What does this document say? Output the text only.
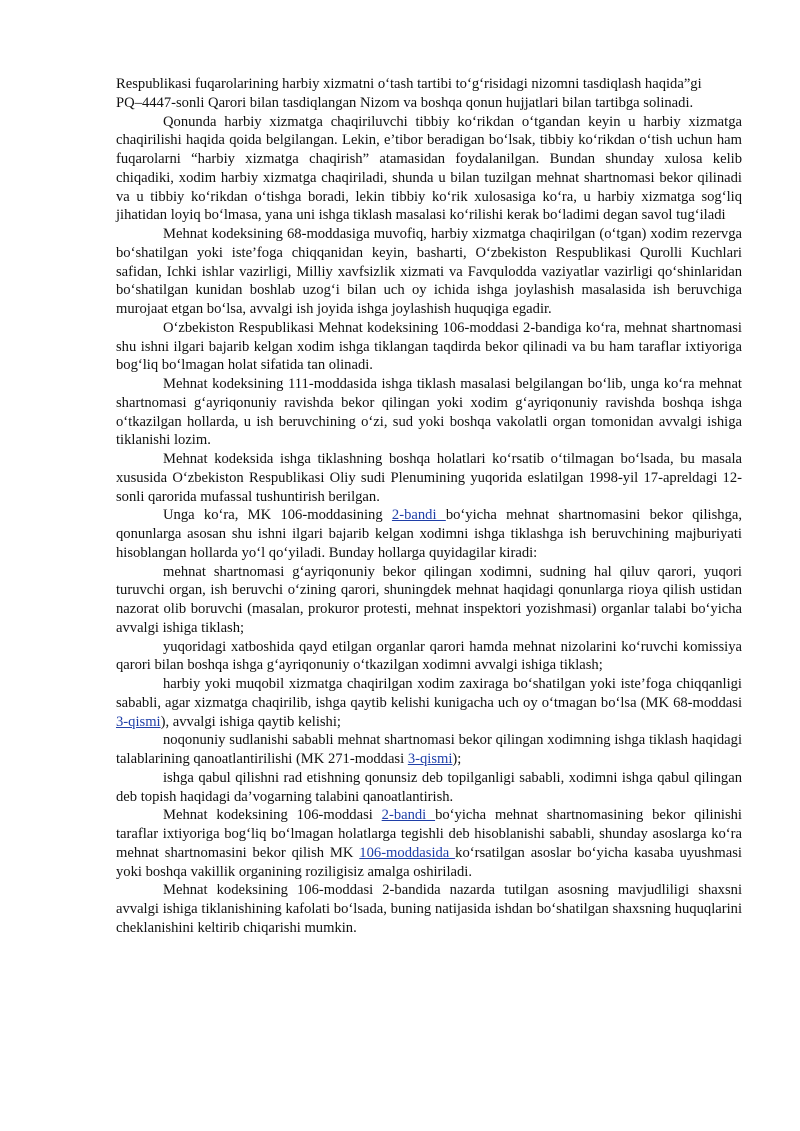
Respublikasi fuqarolarining harbiy xizmatni o‘tash tartibi to‘g‘risidagi nizomni tasdiqlash haqida”gi

PQ–4447-sonli Qarori bilan tasdiqlangan Nizom va boshqa qonun hujjatlari bilan tartibga solinadi.

Qonunda harbiy xizmatga chaqiriluvchi tibbiy ko‘rikdan o‘tgandan keyin u harbiy xizmatga chaqirilishi haqida qoida belgilangan. Lekin, e’tibor beradigan bo‘lsak, tibbiy ko‘rikdan o‘tish uchun ham fuqarolarni “harbiy xizmatga chaqirish” atamasidan foydalanilgan. Bundan shunday xulosa kelib chiqadiki, xodim harbiy xizmatga chaqiriladi, shunda u bilan tuzilgan mehnat shartnomasi bekor qilinadi va u tibbiy ko‘rikdan o‘tishga boradi, lekin tibbiy ko‘rik xulosasiga ko‘ra, u harbiy xizmatga sog‘liq jihatidan loyiq bo‘lmasa, yana uni ishga tiklash masalasi ko‘rilishi kerak bo‘ladimi degan savol tug‘iladi

Mehnat kodeksining 68-moddasiga muvofiq, harbiy xizmatga chaqirilgan (o‘tgan) xodim rezervga bo‘shatilgan yoki iste’foga chiqqanidan keyin, basharti, O‘zbekiston Respublikasi Qurolli Kuchlari safidan, Ichki ishlar vazirligi, Milliy xavfsizlik xizmati va Favqulodda vaziyatlar vazirligi qo‘shinlaridan bo‘shatilgan kunidan boshlab uzog‘i bilan uch oy ichida ishga joylashish masalasida ish beruvchiga murojaat etgan bo‘lsa, avvalgi ish joyida ishga joylashish huquqiga egadir.

O‘zbekiston Respublikasi Mehnat kodeksining 106-moddasi 2-bandiga ko‘ra, mehnat shartnomasi shu ishni ilgari bajarib kelgan xodim ishga tiklangan taqdirda bekor qilinadi va bu ham taraflar ixtiyoriga bog‘liq bo‘lmagan holat sifatida tan olinadi.

Mehnat kodeksining 111-moddasida ishga tiklash masalasi belgilangan bo‘lib, unga ko‘ra mehnat shartnomasi g‘ayriqonuniy ravishda bekor qilingan yoki xodim g‘ayriqonuniy ravishda boshqa ishga o‘tkazilgan hollarda, u ish beruvchining o‘zi, sud yoki boshqa vakolatli organ tomonidan avvalgi ishiga tiklanishi lozim.

Mehnat kodeksida ishga tiklashning boshqa holatlari ko‘rsatib o‘tilmagan bo‘lsada, bu masala xususida O‘zbekiston Respublikasi Oliy sudi Plenumining yuqorida eslatilgan 1998-yil 17-apreldagi 12-sonli qarorida mufassal tushuntirish berilgan.

Unga ko‘ra, MK 106-moddasining 2-bandi bo‘yicha mehnat shartnomasini bekor qilishga, qonunlarga asosan shu ishni ilgari bajarib kelgan xodimni ishga tiklashga ish beruvchining majburiyati hisoblangan hollarda yo‘l qo‘yiladi. Bunday hollarga quyidagilar kiradi:

mehnat shartnomasi g‘ayriqonuniy bekor qilingan xodimni, sudning hal qiluv qarori, yuqori turuvchi organ, ish beruvchi o‘zining qarori, shuningdek mehnat haqidagi qonunlarga rioya qilish ustidan nazorat olib boruvchi (masalan, prokuror protesti, mehnat inspektori yozishmasi) organlar talabi bo‘yicha avvalgi ishiga tiklash;

yuqoridagi xatboshida qayd etilgan organlar qarori hamda mehnat nizolarini ko‘ruvchi komissiya qarori bilan boshqa ishga g‘ayriqonuniy o‘tkazilgan xodimni avvalgi ishiga tiklash;

harbiy yoki muqobil xizmatga chaqirilgan xodim zaxiraga bo‘shatilgan yoki iste’foga chiqqanligi sababli, agar xizmatga chaqirilib, ishga qaytib kelishi kunigacha uch oy o‘tmagan bo‘lsa (MK 68-moddasi 3-qismi), avvalgi ishiga qaytib kelishi;

noqonuniy sudlanishi sababli mehnat shartnomasi bekor qilingan xodimning ishga tiklash haqidagi talablarining qanoatlantirilishi (MK 271-moddasi 3-qismi);

ishga qabul qilishni rad etishning qonunsiz deb topilganligi sababli, xodimni ishga qabul qilingan deb topish haqidagi da’vogarning talabini qanoatlantirish.

Mehnat kodeksining 106-moddasi 2-bandi bo‘yicha mehnat shartnomasining bekor qilinishi taraflar ixtiyoriga bog‘liq bo‘lmagan holatlarga tegishli deb hisoblanishi sababli, shunday asoslarga ko‘ra mehnat shartnomasini bekor qilish MK 106-moddasida ko‘rsatilgan asoslar bo‘yicha kasaba uyushmasi yoki boshqa vakillik organining roziligisiz amalga oshiriladi.

Mehnat kodeksining 106-moddasi 2-bandida nazarda tutilgan asosning mavjudliligi shaxsni avvalgi ishiga tiklanishining kafolati bo‘lsada, buning natijasida ishdan bo‘shatilgan shaxsning huquqlarini cheklanishini keltirib chiqarishi mumkin.
